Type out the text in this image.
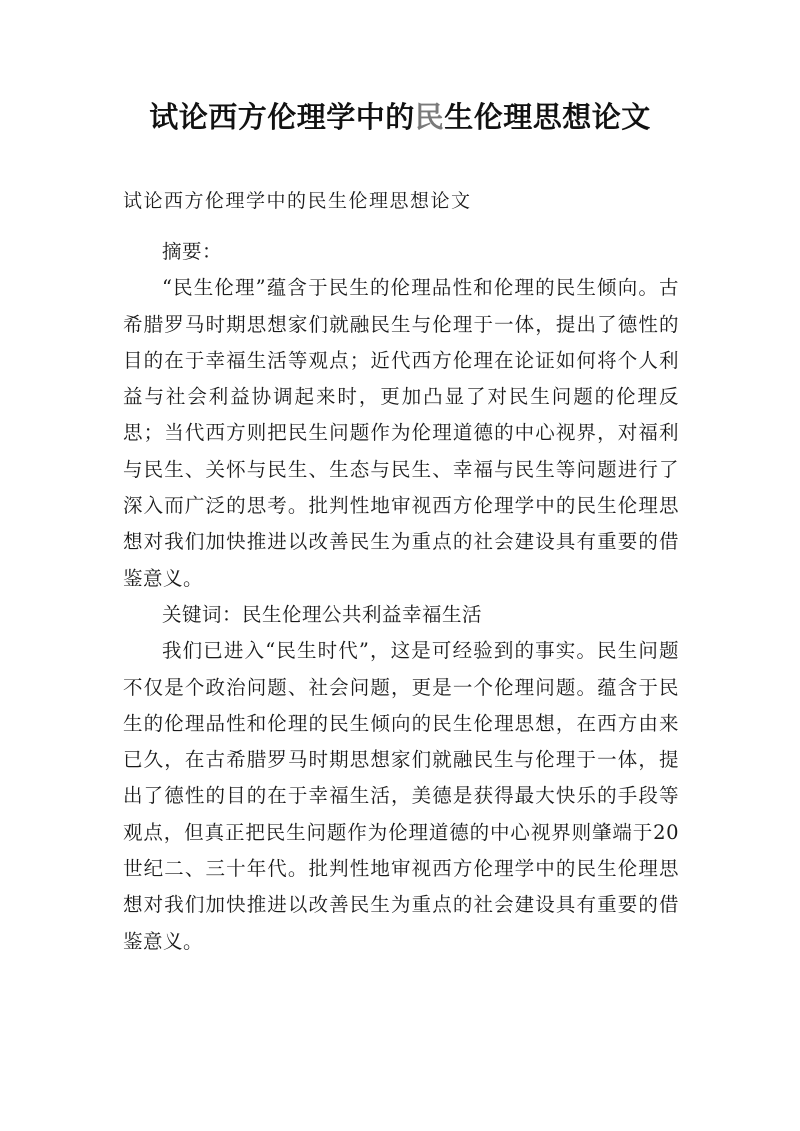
试论西方伦理学中的民生伦理思想论文
试论西方伦理学中的民生伦理思想论文

摘要：

“民生伦理”蕴含于民生的伦理品性和伦理的民生倾向。古希腊罗马时期思想家们就融民生与伦理于一体，提出了德性的目的在于幸福生活等观点；近代西方伦理在论证如何将个人利益与社会利益协调起来时，更加凸显了对民生问题的伦理反思；当代西方则把民生问题作为伦理道德的中心视界，对福利与民生、关怀与民生、生态与民生、幸福与民生等问题进行了深入而广泛的思考。批判性地审视西方伦理学中的民生伦理思想对我们加快推进以改善民生为重点的社会建设具有重要的借鉴意义。

关键词：民生伦理公共利益幸福生活

我们已进入“民生时代”，这是可经验到的事实。民生问题不仅是个政治问题、社会问题，更是一个伦理问题。蕴含于民生的伦理品性和伦理的民生倾向的民生伦理思想，在西方由来已久，在古希腊罗马时期思想家们就融民生与伦理于一体，提出了德性的目的在于幸福生活，美德是获得最大快乐的手段等观点，但真正把民生问题作为伦理道德的中心视界则肇端于20世纪二、三十年代。批判性地审视西方伦理学中的民生伦理思想对我们加快推进以改善民生为重点的社会建设具有重要的借鉴意义。
